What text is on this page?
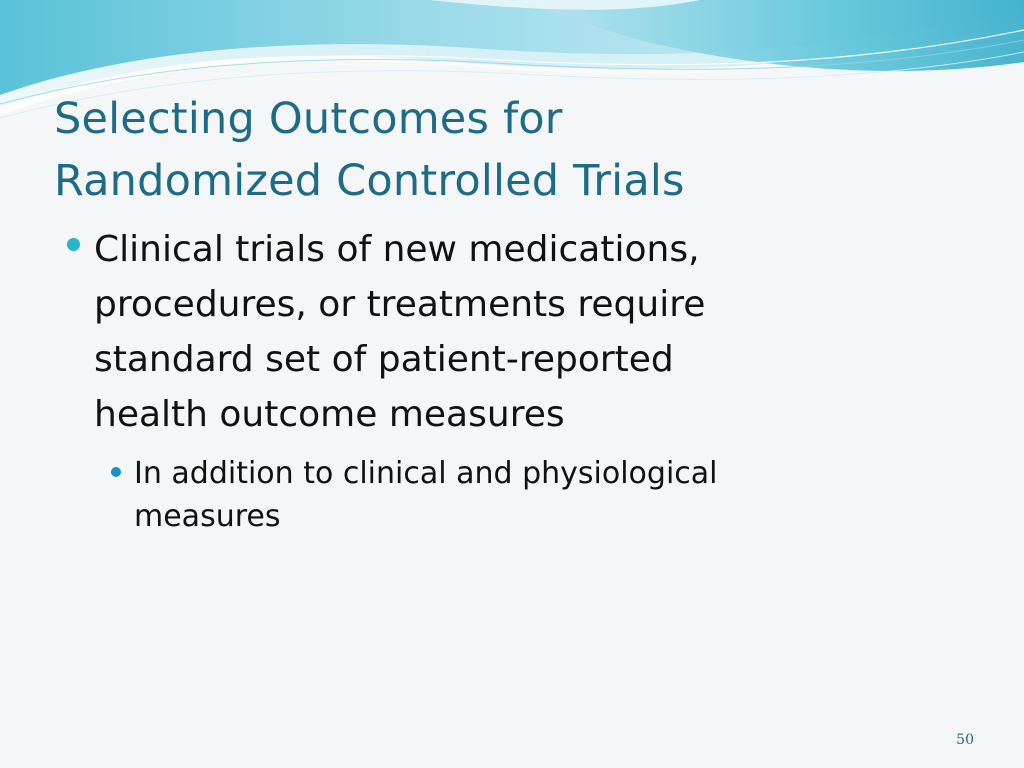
Selecting Outcomes for
Randomized Controlled Trials
Clinical trials of new medications,
procedures, or treatments require
standard set of patient-reported
health outcome measures
In addition to clinical and physiological
measures
50
